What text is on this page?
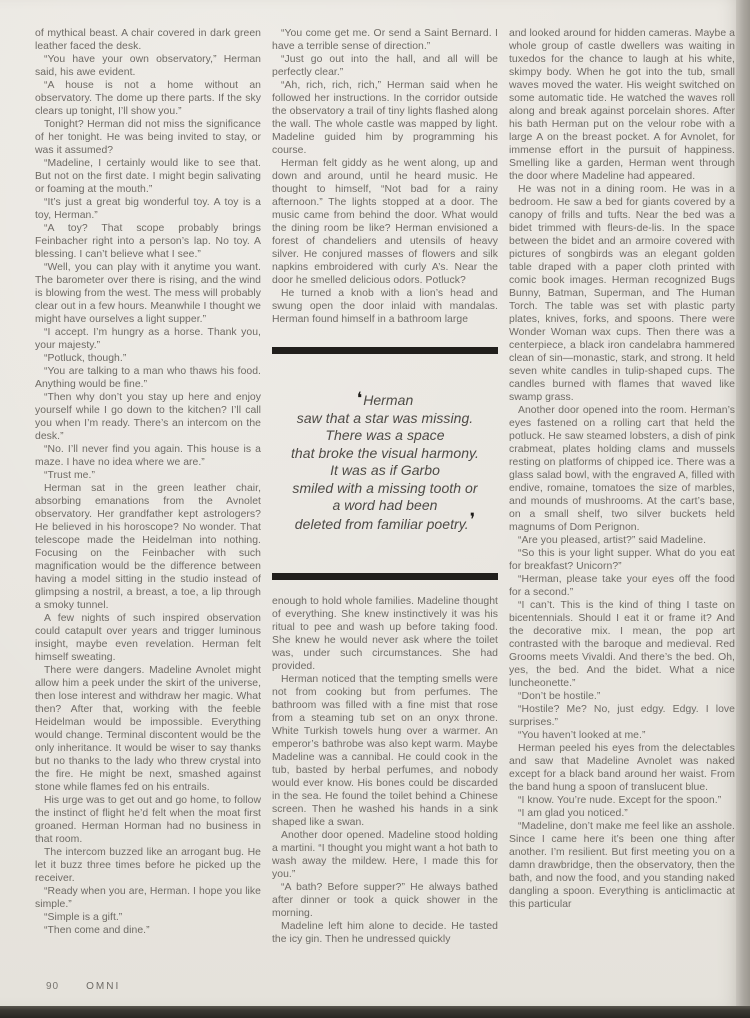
of mythical beast. A chair covered in dark green leather faced the desk.

“You have your own observatory,” Herman said, his awe evident.

“A house is not a home without an observatory. The dome up there parts. If the sky clears up tonight, I’ll show you.”

Tonight? Herman did not miss the significance of her tonight. He was being invited to stay, or was it assumed?

“Madeline, I certainly would like to see that. But not on the first date. I might begin salivating or foaming at the mouth.”

“It’s just a great big wonderful toy. A toy is a toy, Herman.”

“A toy? That scope probably brings Feinbacher right into a person’s lap. No toy. A blessing. I can’t believe what I see.”

“Well, you can play with it anytime you want. The barometer over there is rising, and the wind is blowing from the west. The mess will probably clear out in a few hours. Meanwhile I thought we might have ourselves a light supper.”

“I accept. I’m hungry as a horse. Thank you, your majesty.”

“Potluck, though.”

“You are talking to a man who thaws his food. Anything would be fine.”

“Then why don’t you stay up here and enjoy yourself while I go down to the kitchen? I’ll call you when I’m ready. There’s an intercom on the desk.”

“No. I’ll never find you again. This house is a maze. I have no idea where we are.”

“Trust me.”

Herman sat in the green leather chair, absorbing emanations from the Avnolet observatory. Her grandfather kept astrologers? He believed in his horoscope? No wonder. That telescope made the Heidelman into nothing. Focusing on the Feinbacher with such magnification would be the difference between having a model sitting in the studio instead of glimpsing a nostril, a breast, a toe, a lip through a smoky tunnel.

A few nights of such inspired observation could catapult over years and trigger luminous insight, maybe even revelation. Herman felt himself sweating.

There were dangers. Madeline Avnolet might allow him a peek under the skirt of the universe, then lose interest and withdraw her magic. What then? After that, working with the feeble Heidelman would be impossible. Everything would change. Terminal discontent would be the only inheritance. It would be wiser to say thanks but no thanks to the lady who threw crystal into the fire. He might be next, smashed against stone while flames fed on his entrails.

His urge was to get out and go home, to follow the instinct of flight he’d felt when the moat first groaned. Herman Horman had no business in that room.

The intercom buzzed like an arrogant bug. He let it buzz three times before he picked up the receiver.

“Ready when you are, Herman. I hope you like simple.”

“Simple is a gift.”

“Then come and dine.”

“You come get me. Or send a Saint Bernard. I have a terrible sense of direction.”

“Just go out into the hall, and all will be perfectly clear.”

“Ah, rich, rich, rich,” Herman said when he followed her instructions. In the corridor outside the observatory a trail of tiny lights flashed along the wall. The whole castle was mapped by light. Madeline guided him by programming his course.

Herman felt giddy as he went along, up and down and around, until he heard music. He thought to himself, “Not bad for a rainy afternoon.” The lights stopped at a door. The music came from behind the door. What would the dining room be like? Herman envisioned a forest of chandeliers and utensils of heavy silver. He conjured masses of flowers and silk napkins embroidered with curly A’s. Near the door he smelled delicious odors. Potluck?

He turned a knob with a lion’s head and swung open the door inlaid with mandalas. Herman found himself in a bathroom large

❛Herman
saw that a star was missing.
There was a space
that broke the visual harmony.
It was as if Garbo
smiled with a missing tooth or
a word had been
deleted from familiar poetry.❜

enough to hold whole families. Madeline thought of everything. She knew instinctively it was his ritual to pee and wash up before taking food. She knew he would never ask where the toilet was, under such circumstances. She had provided.

Herman noticed that the tempting smells were not from cooking but from perfumes. The bathroom was filled with a fine mist that rose from a steaming tub set on an onyx throne. White Turkish towels hung over a warmer. An emperor’s bathrobe was also kept warm. Maybe Madeline was a cannibal. He could cook in the tub, basted by herbal perfumes, and nobody would ever know. His bones could be discarded in the sea. He found the toilet behind a Chinese screen. Then he washed his hands in a sink shaped like a swan.

Another door opened. Madeline stood holding a martini. “I thought you might want a hot bath to wash away the mildew. Here, I made this for you.”

“A bath? Before supper?” He always bathed after dinner or took a quick shower in the morning.

Madeline left him alone to decide. He tasted the icy gin. Then he undressed quickly

and looked around for hidden cameras. Maybe a whole group of castle dwellers was waiting in tuxedos for the chance to laugh at his white, skimpy body. When he got into the tub, small waves moved the water. His weight switched on some automatic tide. He watched the waves roll along and break against porcelain shores. After his bath Herman put on the velour robe with a large A on the breast pocket. A for Avnolet, for immense effort in the pursuit of happiness. Smelling like a garden, Herman went through the door where Madeline had appeared.

He was not in a dining room. He was in a bedroom. He saw a bed for giants covered by a canopy of frills and tufts. Near the bed was a bidet trimmed with fleurs-de-lis. In the space between the bidet and an armoire covered with pictures of songbirds was an elegant golden table draped with a paper cloth printed with comic book images. Herman recognized Bugs Bunny, Batman, Superman, and The Human Torch. The table was set with plastic party plates, knives, forks, and spoons. There were Wonder Woman wax cups. Then there was a centerpiece, a black iron candelabra hammered clean of sin—monastic, stark, and strong. It held seven white candles in tulip-shaped cups. The candles burned with flames that waved like swamp grass.

Another door opened into the room. Herman’s eyes fastened on a rolling cart that held the potluck. He saw steamed lobsters, a dish of pink crabmeat, plates holding clams and mussels resting on platforms of chipped ice. There was a glass salad bowl, with the engraved A, filled with endive, romaine, tomatoes the size of marbles, and mounds of mushrooms. At the cart’s base, on a small shelf, two silver buckets held magnums of Dom Perignon.

“Are you pleased, artist?” said Madeline.

“So this is your light supper. What do you eat for breakfast? Unicorn?”

“Herman, please take your eyes off the food for a second.”

“I can’t. This is the kind of thing I taste on bicentennials. Should I eat it or frame it? And the decorative mix. I mean, the pop art contrasted with the baroque and medieval. Red Grooms meets Vivaldi. And there’s the bed. Oh, yes, the bed. And the bidet. What a nice luncheonette.”

“Don’t be hostile.”

“Hostile? Me? No, just edgy. Edgy. I love surprises.”

“You haven’t looked at me.”

Herman peeled his eyes from the delectables and saw that Madeline Avnolet was naked except for a black band around her waist. From the band hung a spoon of translucent blue.

“I know. You’re nude. Except for the spoon.”

“I am glad you noticed.”

“Madeline, don’t make me feel like an asshole. Since I came here it’s been one thing after another. I’m resilient. But first meeting you on a damn drawbridge, then the observatory, then the bath, and now the food, and you standing naked dangling a spoon. Everything is anticlimactic at this particular

90	OMNI
